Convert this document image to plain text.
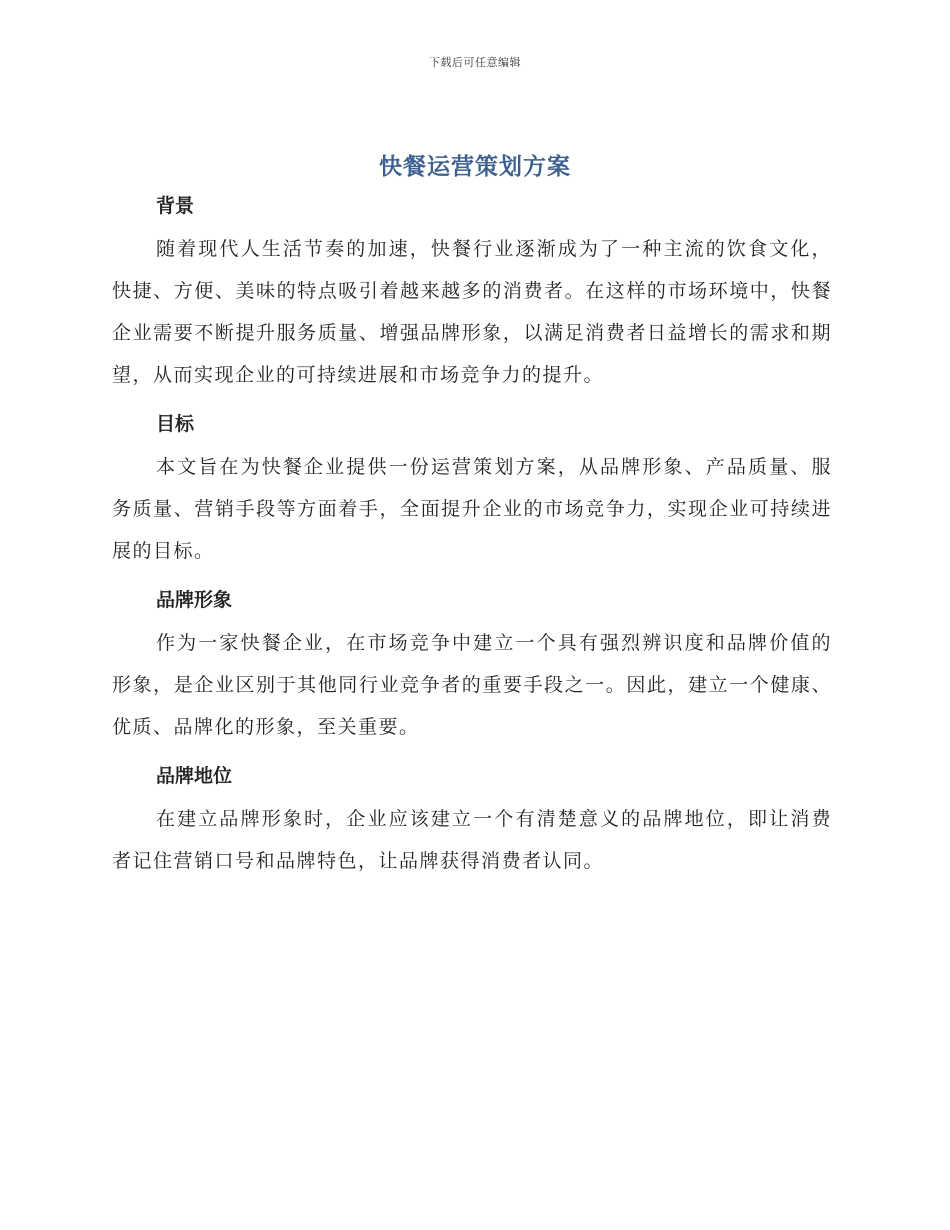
下载后可任意编辑
快餐运营策划方案
背景

随着现代人生活节奏的加速，快餐行业逐渐成为了一种主流的饮食文化，快捷、方便、美味的特点吸引着越来越多的消费者。在这样的市场环境中，快餐企业需要不断提升服务质量、增强品牌形象，以满足消费者日益增长的需求和期望，从而实现企业的可持续进展和市场竞争力的提升。

目标

本文旨在为快餐企业提供一份运营策划方案，从品牌形象、产品质量、服务质量、营销手段等方面着手，全面提升企业的市场竞争力，实现企业可持续进展的目标。

品牌形象

作为一家快餐企业，在市场竞争中建立一个具有强烈辨识度和品牌价值的形象，是企业区别于其他同行业竞争者的重要手段之一。因此，建立一个健康、优质、品牌化的形象，至关重要。

品牌地位

在建立品牌形象时，企业应该建立一个有清楚意义的品牌地位，即让消费者记住营销口号和品牌特色，让品牌获得消费者认同。
